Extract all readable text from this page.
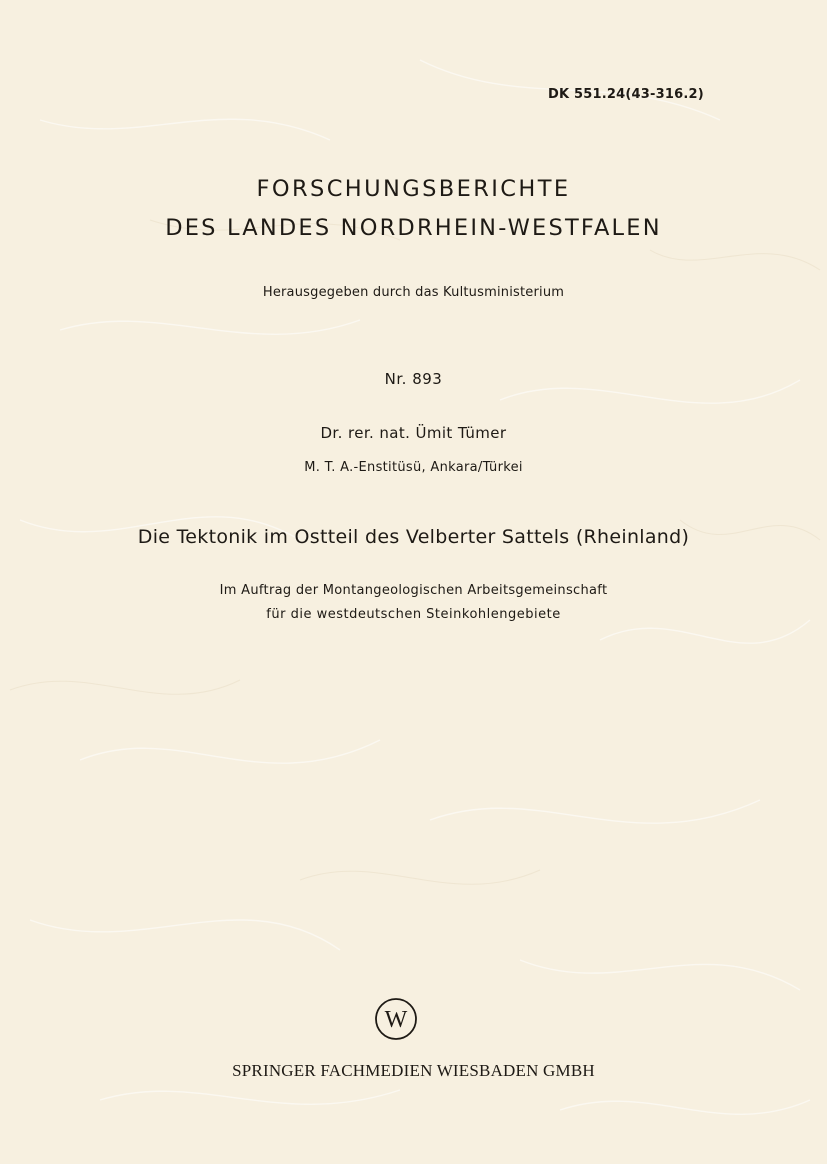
DK 551.24(43-316.2)
FORSCHUNGSBERICHTE
DES LANDES NORDRHEIN-WESTFALEN
Herausgegeben durch das Kultusministerium
Nr. 893
Dr. rer. nat. Ümit Tümer
M. T. A.-Enstitüsü, Ankara/Türkei
Die Tektonik im Ostteil des Velberter Sattels (Rheinland)
Im Auftrag der Montangeologischen Arbeitsgemeinschaft
für die westdeutschen Steinkohlengebiete
W
SPRINGER FACHMEDIEN WIESBADEN GMBH
